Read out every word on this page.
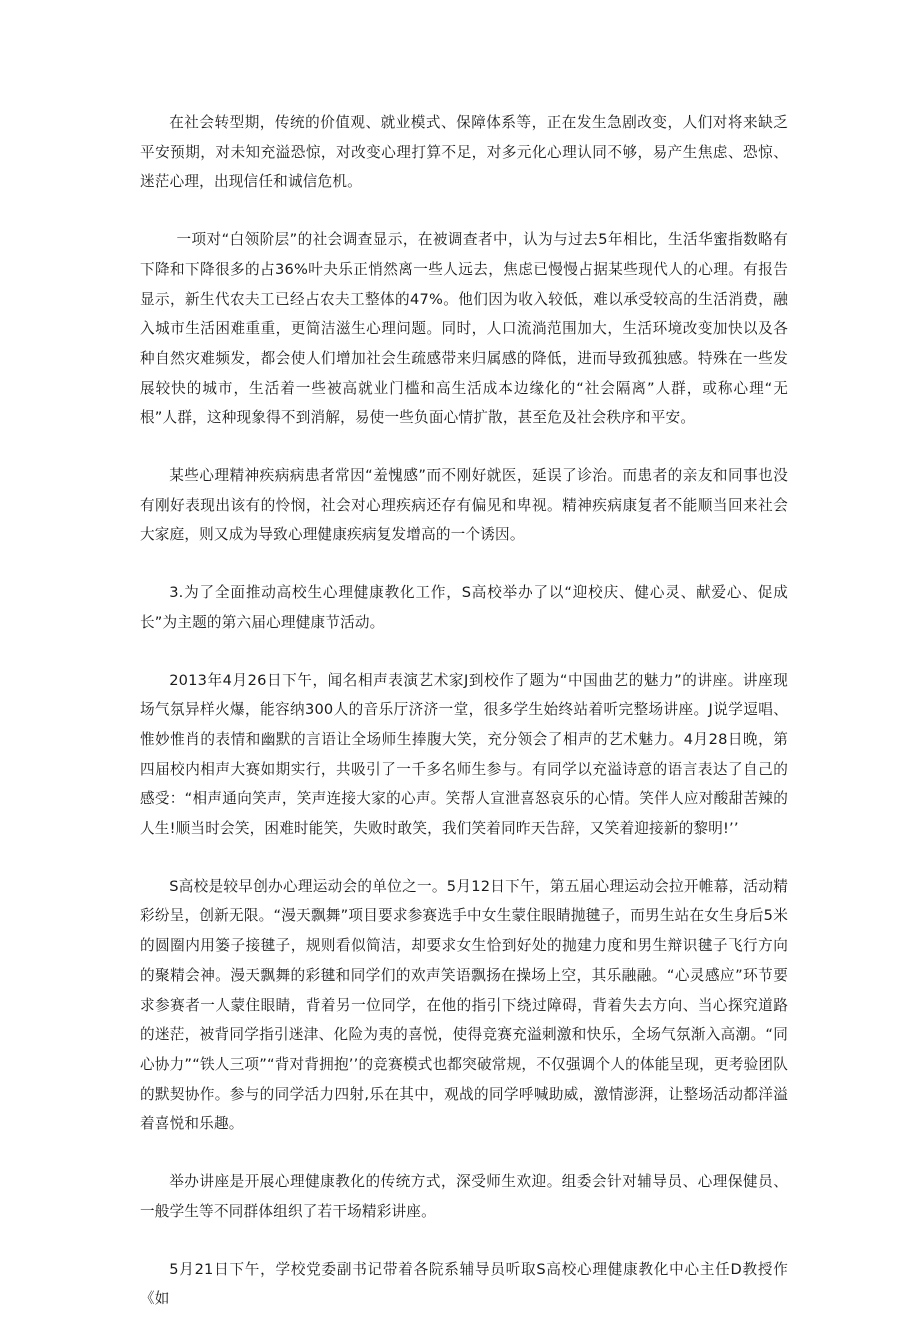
在社会转型期，传统的价值观、就业模式、保障体系等，正在发生急剧改变，人们对将来缺乏平安预期，对未知充溢恐惊，对改变心理打算不足，对多元化心理认同不够，易产生焦虑、恐惊、迷茫心理，出现信任和诚信危机。

一项对“白领阶层”的社会调查显示，在被调查者中，认为与过去5年相比，生活华蜜指数略有下降和下降很多的占36%叶夬乐正悄然离一些人远去，焦虑已慢慢占据某些现代人的心理。有报告显示，新生代农夫工已经占农夫工整体的47%。他们因为收入较低，难以承受较高的生活消费，融入城市生活困难重重，更简洁滋生心理问题。同时，人口流淌范围加大，生活环境改变加快以及各种自然灾难频发，都会使人们增加社会生疏感带来归属感的降低，进而导致孤独感。特殊在一些发展较快的城市，生活着一些被高就业门槛和高生活成本边缘化的“社会隔离”人群，或称心理“无根”人群，这种现象得不到消解，易使一些负面心情扩散，甚至危及社会秩序和平安。

某些心理精神疾病病患者常因“羞愧感”而不刚好就医，延误了诊治。而患者的亲友和同事也没有刚好表现出该有的怜悯，社会对心理疾病还存有偏见和卑视。精神疾病康复者不能顺当回来社会大家庭，则又成为导致心理健康疾病复发增高的一个诱因。

3.为了全面推动高校生心理健康教化工作，S高校举办了以“迎校庆、健心灵、献爱心、促成长”为主题的第六届心理健康节活动。

2013年4月26日下午，闻名相声表演艺术家J到校作了题为“中国曲艺的魅力”的讲座。讲座现场气氛异样火爆，能容纳300人的音乐厅济济一堂，很多学生始终站着听完整场讲座。J说学逗唱、惟妙惟肖的表情和幽默的言语让全场师生捧腹大笑，充分领会了相声的艺术魅力。4月28日晚，第四届校内相声大赛如期实行，共吸引了一千多名师生参与。有同学以充溢诗意的语言表达了自己的感受：“相声通向笑声，笑声连接大家的心声。笑帮人宣泄喜怒哀乐的心情。笑伴人应对酸甜苦辣的人生!顺当时会笑，困难时能笑，失败时敢笑，我们笑着同昨天告辞，又笑着迎接新的黎明!’’

S高校是较早创办心理运动会的单位之一。5月12日下午，第五届心理运动会拉开帷幕，活动精彩纷呈，创新无限。“漫天飘舞”项目要求参赛选手中女生蒙住眼睛抛毽子，而男生站在女生身后5米的圆圈内用篓子接毽子，规则看似简洁，却要求女生恰到好处的抛建力度和男生辩识毽子飞行方向的聚精会神。漫天飘舞的彩毽和同学们的欢声笑语飘扬在操场上空，其乐融融。“心灵感应”环节要求参赛者一人蒙住眼睛，背着另一位同学，在他的指引下绕过障碍，背着失去方向、当心探究道路的迷茫，被背同学指引迷津、化险为夷的喜悦，使得竞赛充溢刺激和快乐，全场气氛渐入高潮。“同心协力”“铁人三项”“背对背拥抱’’的竞赛模式也都突破常规，不仅强调个人的体能呈现，更考验团队的默契协作。参与的同学活力四射,乐在其中，观战的同学呼喊助威，激情澎湃，让整场活动都洋溢着喜悦和乐趣。

举办讲座是开展心理健康教化的传统方式，深受师生欢迎。组委会针对辅导员、心理保健员、一般学生等不同群体组织了若干场精彩讲座。

5月21日下午，学校党委副书记带着各院系辅导员听取S高校心理健康教化中心主任D教授作《如
